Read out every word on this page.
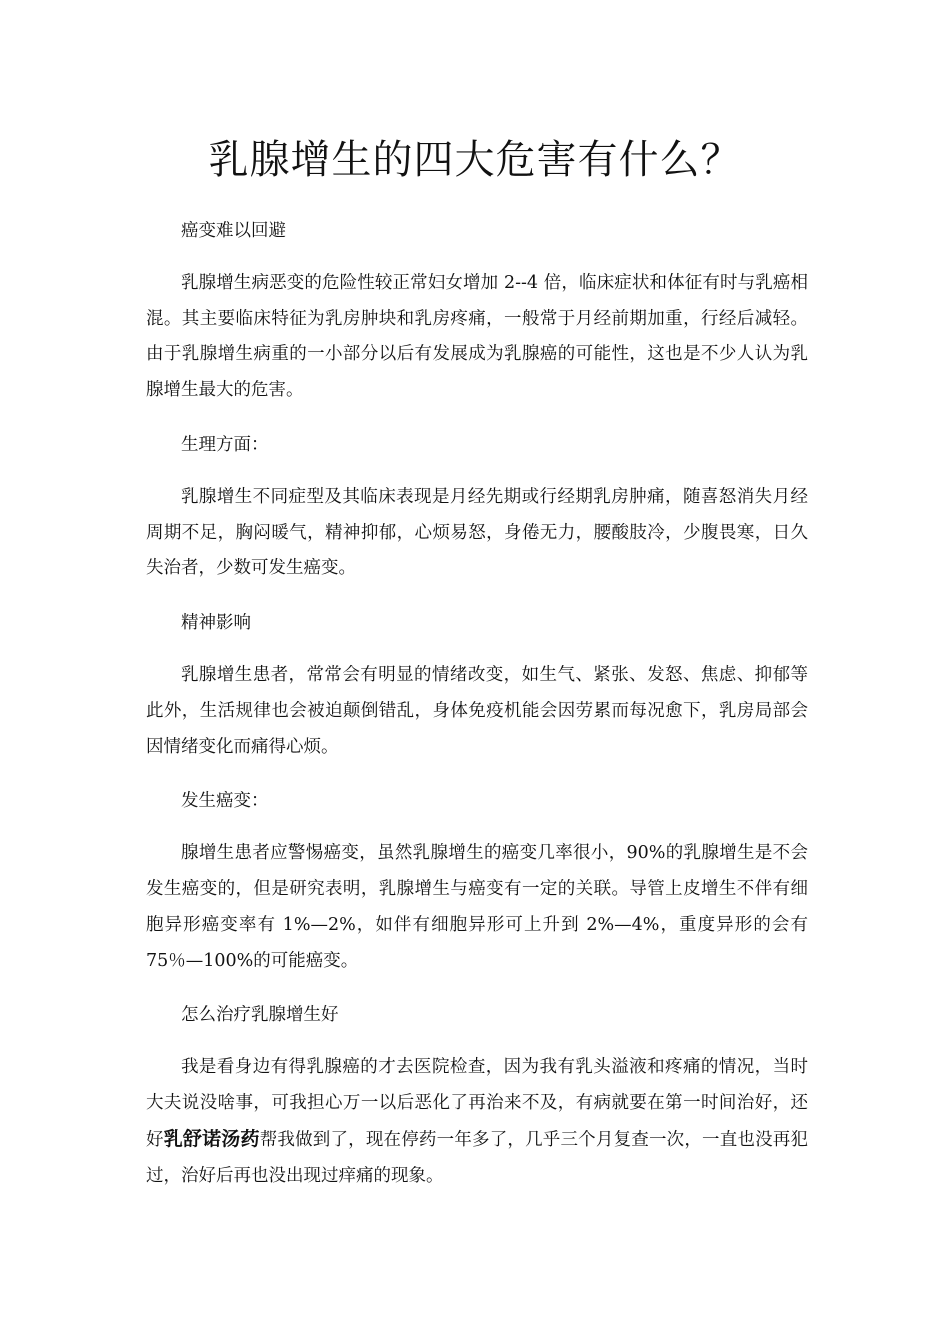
乳腺增生的四大危害有什么？

癌变难以回避

乳腺增生病恶变的危险性较正常妇女增加 2--4 倍，临床症状和体征有时与乳癌相混。其主要临床特征为乳房肿块和乳房疼痛，一般常于月经前期加重，行经后减轻。由于乳腺增生病重的一小部分以后有发展成为乳腺癌的可能性，这也是不少人认为乳腺增生最大的危害。

生理方面：

乳腺增生不同症型及其临床表现是月经先期或行经期乳房肿痛，随喜怒消失月经周期不足，胸闷暖气，精神抑郁，心烦易怒，身倦无力，腰酸肢冷，少腹畏寒，日久失治者，少数可发生癌变。

精神影响

乳腺增生患者，常常会有明显的情绪改变，如生气、紧张、发怒、焦虑、抑郁等此外，生活规律也会被迫颠倒错乱，身体免疫机能会因劳累而每况愈下，乳房局部会因情绪变化而痛得心烦。

发生癌变：

腺增生患者应警惕癌变，虽然乳腺增生的癌变几率很小，90%的乳腺增生是不会发生癌变的，但是研究表明，乳腺增生与癌变有一定的关联。导管上皮增生不伴有细胞异形癌变率有 1%—2%，如伴有细胞异形可上升到 2%—4%，重度异形的会有 75％—100%的可能癌变。

怎么治疗乳腺增生好

我是看身边有得乳腺癌的才去医院检查，因为我有乳头溢液和疼痛的情况，当时大夫说没啥事，可我担心万一以后恶化了再治来不及，有病就要在第一时间治好，还好乳舒诺汤药帮我做到了，现在停药一年多了，几乎三个月复查一次，一直也没再犯过，治好后再也没出现过痒痛的现象。
